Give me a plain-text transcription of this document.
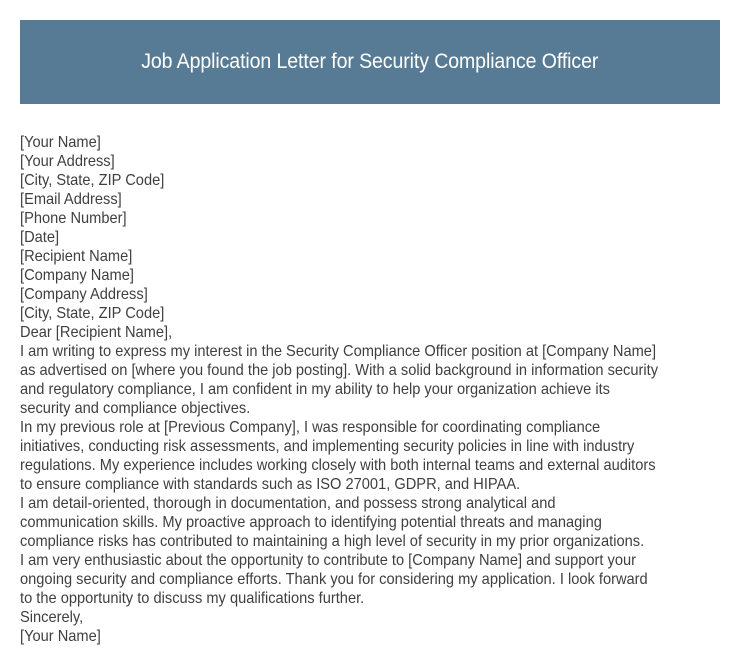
Job Application Letter for Security Compliance Officer
[Your Name]
[Your Address]
[City, State, ZIP Code]
[Email Address]
[Phone Number]
[Date]
[Recipient Name]
[Company Name]
[Company Address]
[City, State, ZIP Code]
Dear [Recipient Name],
I am writing to express my interest in the Security Compliance Officer position at [Company Name]
as advertised on [where you found the job posting]. With a solid background in information security
and regulatory compliance, I am confident in my ability to help your organization achieve its
security and compliance objectives.
In my previous role at [Previous Company], I was responsible for coordinating compliance
initiatives, conducting risk assessments, and implementing security policies in line with industry
regulations. My experience includes working closely with both internal teams and external auditors
to ensure compliance with standards such as ISO 27001, GDPR, and HIPAA.
I am detail-oriented, thorough in documentation, and possess strong analytical and
communication skills. My proactive approach to identifying potential threats and managing
compliance risks has contributed to maintaining a high level of security in my prior organizations.
I am very enthusiastic about the opportunity to contribute to [Company Name] and support your
ongoing security and compliance efforts. Thank you for considering my application. I look forward
to the opportunity to discuss my qualifications further.
Sincerely,
[Your Name]
